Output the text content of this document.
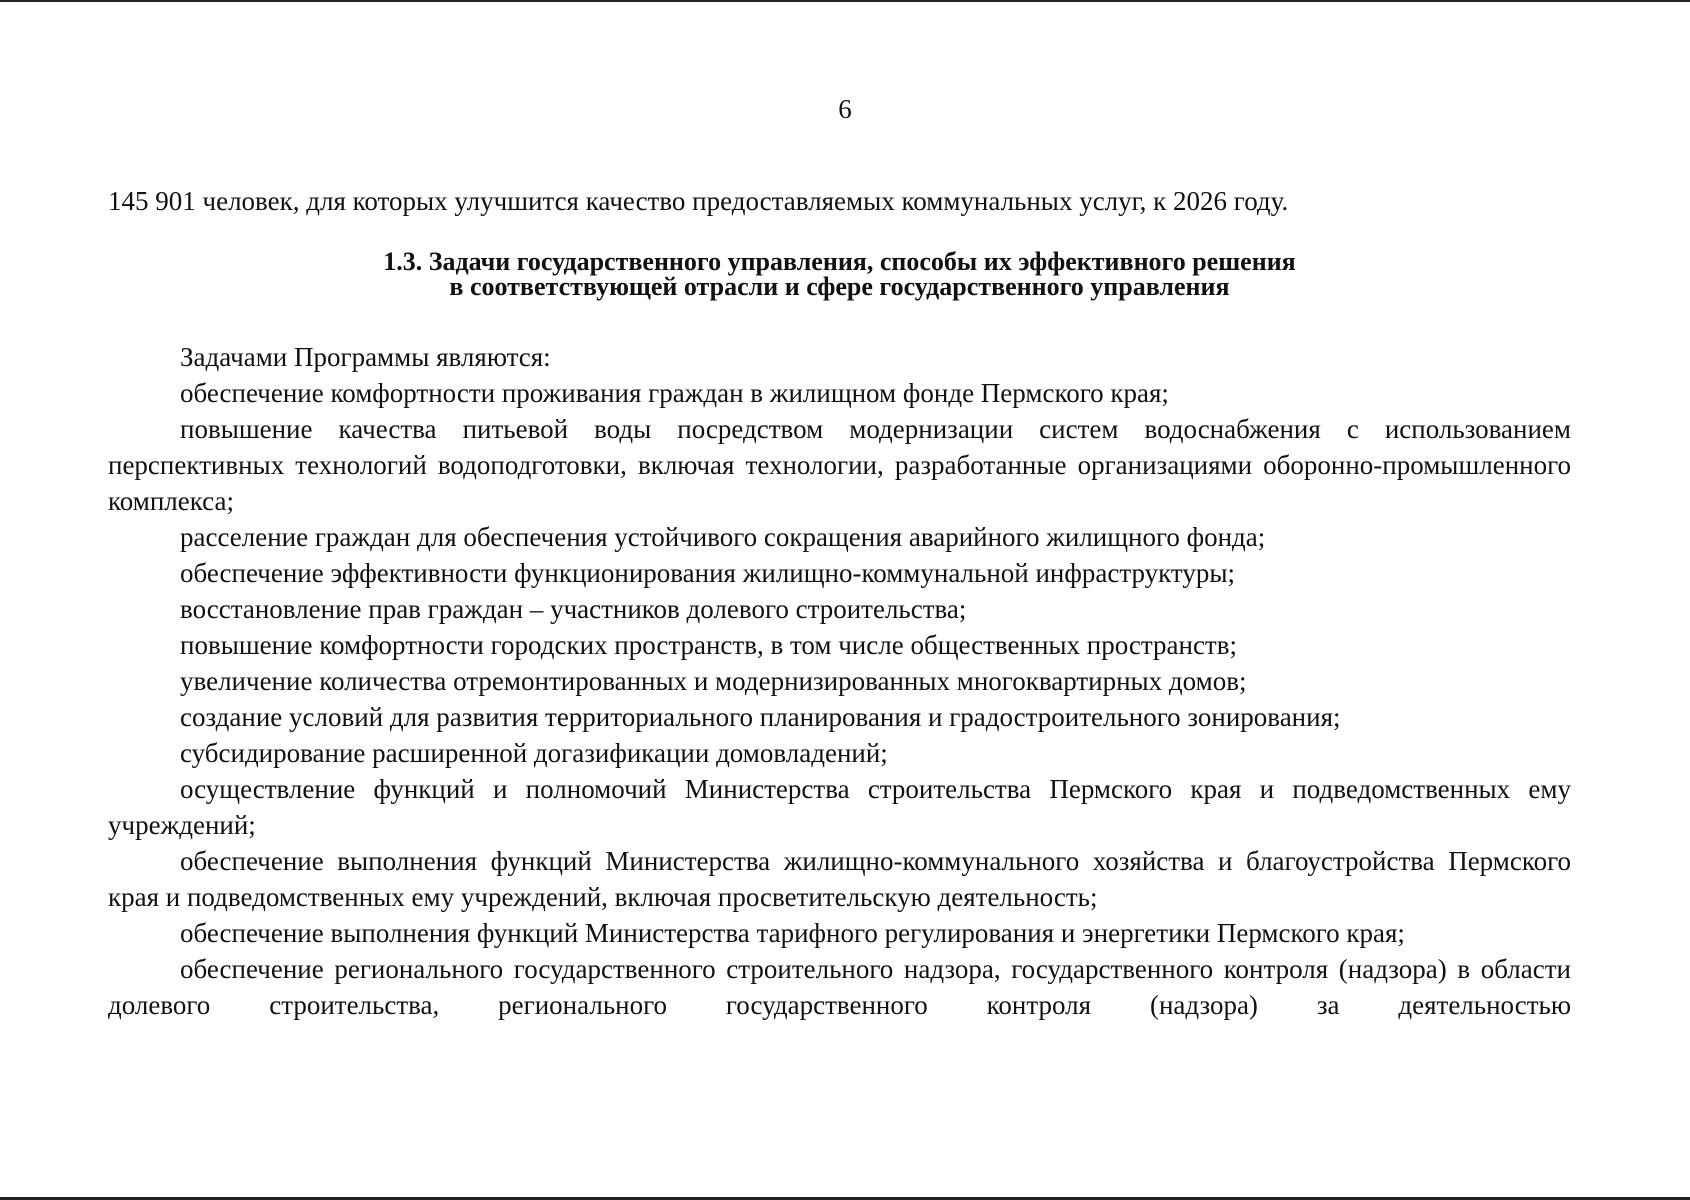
6
145 901 человек, для которых улучшится качество предоставляемых коммунальных услуг, к 2026 году.
1.3. Задачи государственного управления, способы их эффективного решения
в соответствующей отрасли и сфере государственного управления

Задачами Программы являются:

обеспечение комфортности проживания граждан в жилищном фонде Пермского края;

повышение качества питьевой воды посредством модернизации систем водоснабжения с использованием перспективных технологий водоподготовки, включая технологии, разработанные организациями оборонно-промышленного комплекса;

расселение граждан для обеспечения устойчивого сокращения аварийного жилищного фонда;

обеспечение эффективности функционирования жилищно-коммунальной инфраструктуры;

восстановление прав граждан – участников долевого строительства;

повышение комфортности городских пространств, в том числе общественных пространств;

увеличение количества отремонтированных и модернизированных многоквартирных домов;

создание условий для развития территориального планирования и градостроительного зонирования;

субсидирование расширенной догазификации домовладений;

осуществление функций и полномочий Министерства строительства Пермского края и подведомственных ему учреждений;

обеспечение выполнения функций Министерства жилищно-коммунального хозяйства и благоустройства Пермского края и подведомственных ему учреждений, включая просветительскую деятельность;

обеспечение выполнения функций Министерства тарифного регулирования и энергетики Пермского края;

обеспечение регионального государственного строительного надзора, государственного контроля (надзора) в области долевого строительства, регионального государственного контроля (надзора) за деятельностью
